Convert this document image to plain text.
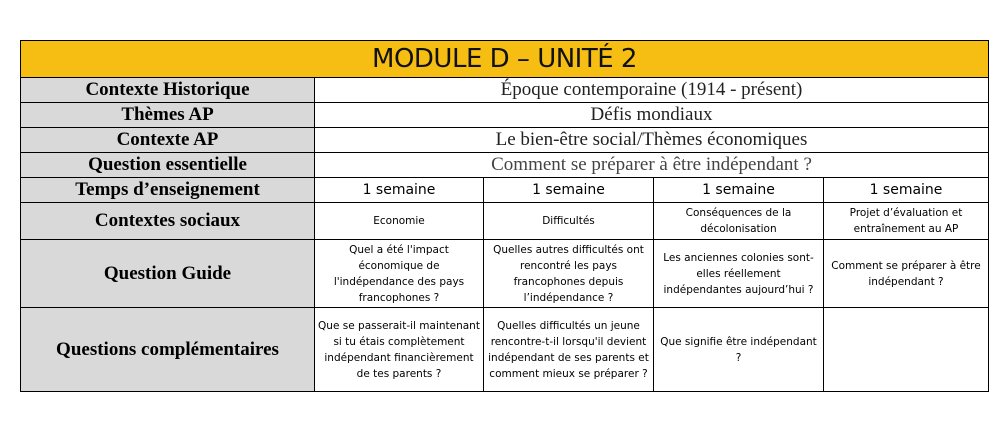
MODULE D – UNITÉ 2				
Contexte Historique	Époque contemporaine (1914 - présent)			
Thèmes AP	Défis mondiaux			
Contexte AP	Le bien-être social/Thèmes économiques			
Question essentielle	Comment se préparer à être indépendant ?			
Temps d’enseignement	1 semaine	1 semaine	1 semaine	1 semaine
Contextes sociaux	Economie	Difficultés	Conséquences de la décolonisation	Projet d’évaluation et entraînement au AP
Question Guide	Quel a été l'impact économique de l'indépendance des pays francophones ?	Quelles autres difficultés ont rencontré les pays francophones depuis l’indépendance ?	Les anciennes colonies sont-elles réellement indépendantes aujourd’hui ?	Comment se préparer à être indépendant ?
Questions complémentaires	Que se passerait-il maintenant si tu étais complètement indépendant financièrement de tes parents ?	Quelles difficultés un jeune rencontre-t-il lorsqu'il devient indépendant de ses parents et comment mieux se préparer ?	Que signifie être indépendant ?	
